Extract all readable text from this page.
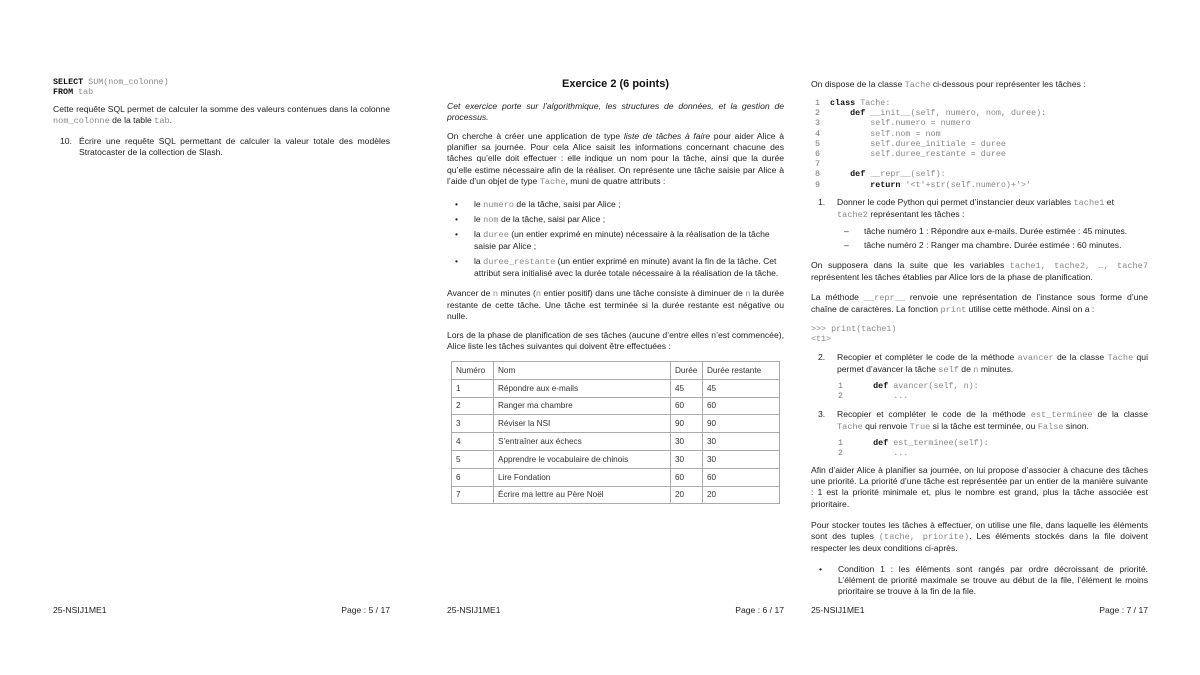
SELECT SUM(nom_colonne)
FROM tab

Cette requête SQL permet de calculer la somme des valeurs contenues dans la colonne nom_colonne de la table tab.

10. Écrire une requête SQL permettant de calculer la valeur totale des modèles Stratocaster de la collection de Slash.
25-NSIJ1ME1	Page : 5 / 17
Exercice 2 (6 points)

Cet exercice porte sur l’algorithmique, les structures de données, et la gestion de processus.

On cherche à créer une application de type liste de tâches à faire pour aider Alice à planifier sa journée. Pour cela Alice saisit les informations concernant chacune des tâches qu’elle doit effectuer : elle indique un nom pour la tâche, ainsi que la durée qu’elle estime nécessaire afin de la réaliser. On représente une tâche saisie par Alice à l’aide d’un objet de type Tache, muni de quatre attributs :

• le numero de la tâche, saisi par Alice ;
• le nom de la tâche, saisi par Alice ;
• la duree (un entier exprimé en minute) nécessaire à la réalisation de la tâche saisie par Alice ;
• la duree_restante (un entier exprimé en minute) avant la fin de la tâche. Cet attribut sera initialisé avec la durée totale nécessaire à la réalisation de la tâche.

Avancer de n minutes (n entier positif) dans une tâche consiste à diminuer de n la durée restante de cette tâche. Une tâche est terminée si la durée restante est négative ou nulle.

Lors de la phase de planification de ses tâches (aucune d’entre elles n’est commencée), Alice liste les tâches suivantes qui doivent être effectuées :

Numéro	Nom	Durée	Durée restante
1	Répondre aux e-mails	45	45
2	Ranger ma chambre	60	60
3	Réviser la NSI	90	90
4	S’entraîner aux échecs	30	30
5	Apprendre le vocabulaire de chinois	30	30
6	Lire Fondation	60	60
7	Écrire ma lettre au Père Noël	20	20
25-NSIJ1ME1	Page : 6 / 17

On dispose de la classe Tache ci-dessous pour représenter les tâches :

1 class Tache:
2	def __init__(self, numero, nom, duree):
3	self.numero = numero
4	self.nom = nom
5	self.duree_initiale = duree
6	self.duree_restante = duree
7
8	def __repr__(self):
9	return '<t'+str(self.numero)+'>'
1. Donner le code Python qui permet d’instancier deux variables tache1 et
tache2 représentant les tâches :
– tâche numéro 1 : Répondre aux e-mails. Durée estimée : 45 minutes.
– tâche numéro 2 : Ranger ma chambre. Durée estimée : 60 minutes.

On supposera dans la suite que les variables tache1, tache2, …, tache7 représentent les tâches établies par Alice lors de la phase de planification.

La méthode __repr__ renvoie une représentation de l’instance sous forme d’une chaîne de caractères. La fonction print utilise cette méthode. Ainsi on a :

>>> print(tache1)
<t1>
2. Recopier et compléter le code de la méthode avancer de la classe Tache qui permet d’avancer la tâche self de n minutes.
1	def avancer(self, n):
2	...
3. Recopier et compléter le code de la méthode est_terminee de la classe Tache qui renvoie True si la tâche est terminée, ou False sinon.
1	def est_terminee(self):
2	...

Afin d’aider Alice à planifier sa journée, on lui propose d’associer à chacune des tâches une priorité. La priorité d’une tâche est représentée par un entier de la manière suivante : 1 est la priorité minimale et, plus le nombre est grand, plus la tâche associée est prioritaire.

Pour stocker toutes les tâches à effectuer, on utilise une file, dans laquelle les éléments sont des tuples (tache, priorite). Les éléments stockés dans la file doivent respecter les deux conditions ci-après.

• Condition 1 : les éléments sont rangés par ordre décroissant de priorité. L’élément de priorité maximale se trouve au début de la file, l’élément le moins prioritaire se trouve à la fin de la file.
25-NSIJ1ME1	Page : 7 / 17
